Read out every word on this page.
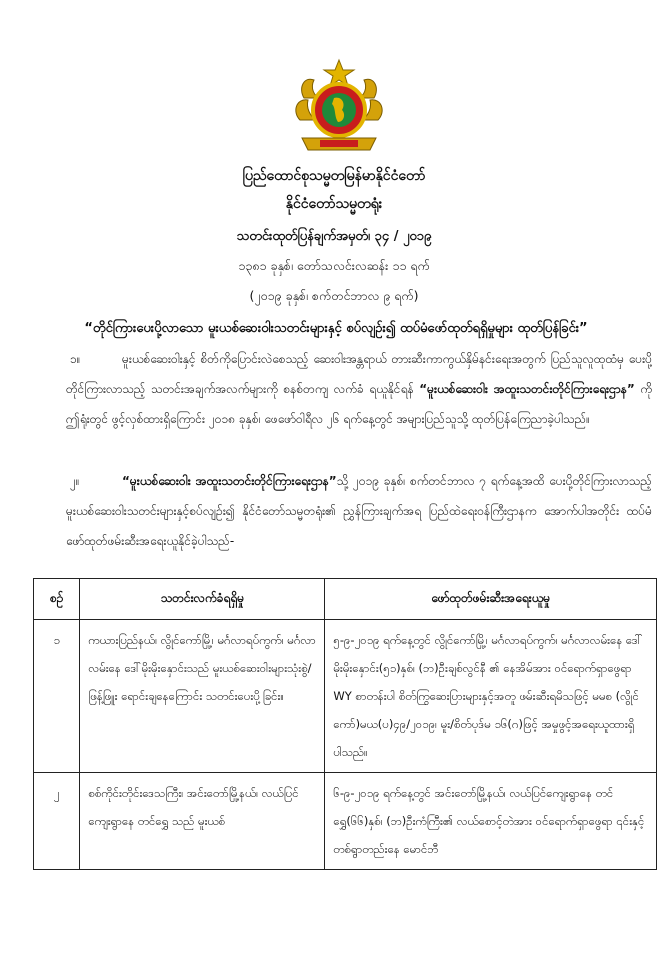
ပြည်ထောင်စုသမ္မတမြန်မာနိုင်ငံတော်
နိုင်ငံတော်သမ္မတရုံး
သတင်းထုတ်ပြန်ချက်အမှတ်၊ ၃၄ / ၂၀၁၉
၁၃၈၁ ခုနှစ်၊ တော်သလင်းလဆန်း ၁၁ ရက်
(၂၀၁၉ ခုနှစ်၊ စက်တင်ဘာလ ၉ ရက်)
“တိုင်ကြားပေးပို့လာသော မူးယစ်ဆေးဝါးသတင်းများနှင့် စပ်လျဉ်း၍ ထပ်မံဖော်ထုတ်ရရှိမှုများ ထုတ်ပြန်ခြင်း”
၁။	မူးယစ်ဆေးဝါးနှင့် စိတ်ကိုပြောင်းလဲစေသည့် ဆေးဝါးအန္တရာယ် တားဆီးကာကွယ်နှိမ်နင်းရေးအတွက် ပြည်သူလူထုထံမှ ပေးပို့တိုင်ကြားလာသည့် သတင်းအချက်အလက်များကို စနစ်တကျ လက်ခံ ရယူနိုင်ရန် “မူးယစ်ဆေးဝါး အထူးသတင်းတိုင်ကြားရေးဌာန” ကို ဤရုံးတွင် ဖွင့်လှစ်ထားရှိကြောင်း ၂၀၁၈ ခုနှစ်၊ ဖေဖော်ဝါရီလ ၂၆ ရက်နေ့တွင် အများပြည်သူသို့ ထုတ်ပြန်ကြေညာခဲ့ပါသည်။
၂။	“မူးယစ်ဆေးဝါး အထူးသတင်းတိုင်ကြားရေးဌာန”သို့ ၂၀၁၉ ခုနှစ်၊ စက်တင်ဘာလ ၇ ရက်နေ့အထိ ပေးပို့တိုင်ကြားလာသည့် မူးယစ်ဆေးဝါးသတင်းများနှင့်စပ်လျဉ်း၍ နိုင်ငံတော်သမ္မတရုံး၏ ညွှန်ကြားချက်အရ ပြည်ထဲရေးဝန်ကြီးဌာနက အောက်ပါအတိုင်း ထပ်မံဖော်ထုတ်ဖမ်းဆီးအရေးယူနိုင်ခဲ့ပါသည်-
စဉ်	သတင်းလက်ခံရရှိမှု	ဖော်ထုတ်ဖမ်းဆီးအရေးယူမှု
၁	ကယားပြည်နယ်၊ လွိုင်ကော်မြို့၊ မင်္ဂလာရပ်ကွက်၊ မင်္ဂလာလမ်းနေ ဒေါ်မိုးမိုးနှောင်းသည် မူးယစ်ဆေးဝါးများသုံးစွဲ/ ဖြန့်ဖြူး ရောင်းချနေကြောင်း သတင်းပေးပို့ခြင်း။	၅-၉-၂၀၁၉ ရက်နေ့တွင် လွိုင်ကော်မြို့၊ မင်္ဂလာရပ်ကွက်၊ မင်္ဂလာလမ်းနေ ဒေါ်မိုးမိုးနှောင်း(၅၁)နှစ်၊ (ဘ)ဦးချစ်လွင်နီ ၏ နေအိမ်အား ဝင်ရောက်ရှာဖွေရာ WY စာတန်းပါ စိတ်ကြွဆေးပြားများနှင့်အတူ ဖမ်းဆီးရမိသဖြင့် မမစ (လွိုင်ကော်)မယ(ပ)၄၉/၂၀၁၉၊ မူး/စိတ်ပုဒ်မ ၁၆(ဂ)ဖြင့် အမှုဖွင့်အရေးယူထားရှိပါသည်။
၂	စစ်ကိုင်းတိုင်းဒေသကြီး၊ အင်းတော်မြို့နယ်၊ လယ်ပြင်ကျေးရွာနေ တင်ရွှေ သည် မူးယစ်	၆-၉-၂၀၁၉ ရက်နေ့တွင် အင်းတော်မြို့နယ်၊ လယ်ပြင်ကျေးရွာနေ တင်ရွှေ(၆၆)နှစ်၊ (ဘ)ဦးကံကြီး၏ လယ်စောင့်တဲအား ဝင်ရောက်ရှာဖွေရာ ၎င်းနှင့်တစ်ရွာတည်းနေ မောင်ဘီ
